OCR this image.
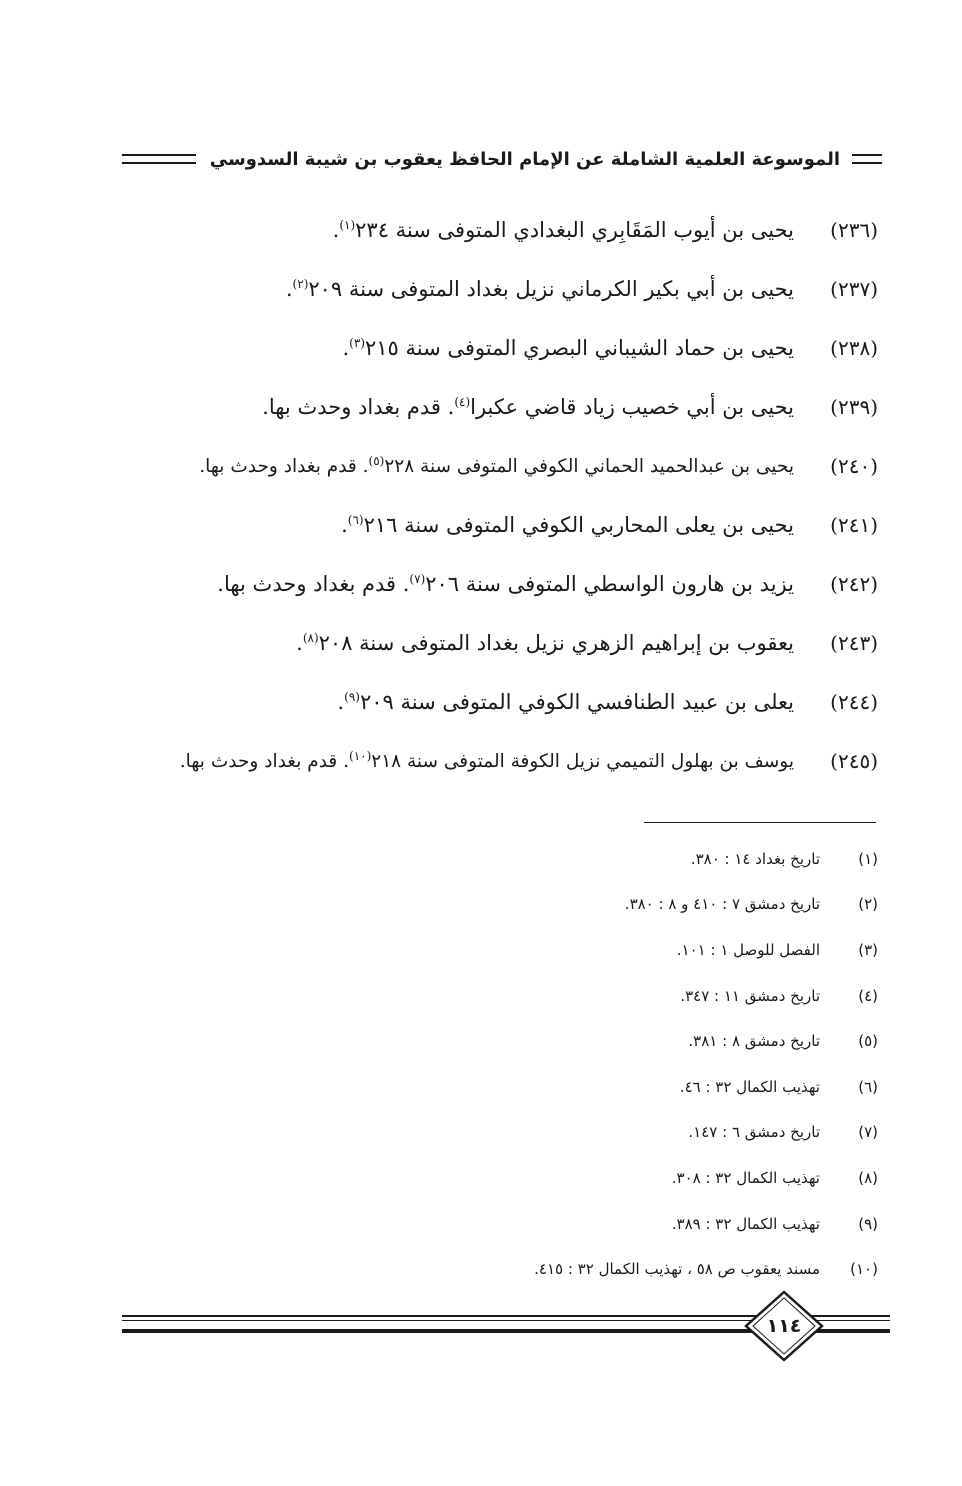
الموسوعة العلمية الشاملة عن الإمام الحافظ يعقوب بن شيبة السدوسي
(٢٣٦)
يحيى بن أيوب المَقَابِري البغدادي المتوفى سنة ٢٣٤$^{(١)}$.
(٢٣٧)
يحيى بن أبي بكير الكرماني نزيل بغداد المتوفى سنة ٢٠٩$^{(٢)}$.
(٢٣٨)
يحيى بن حماد الشيباني البصري المتوفى سنة ٢١٥$^{(٣)}$.
(٢٣٩)
يحيى بن أبي خصيب زياد قاضي عكبرا$^{(٤)}$. قدم بغداد وحدث بها.
(٢٤٠)
يحيى بن عبدالحميد الحماني الكوفي المتوفى سنة ٢٢٨$^{(٥)}$. قدم بغداد وحدث بها.
(٢٤١)
يحيى بن يعلى المحاربي الكوفي المتوفى سنة ٢١٦$^{(٦)}$.
(٢٤٢)
يزيد بن هارون الواسطي المتوفى سنة ٢٠٦$^{(٧)}$. قدم بغداد وحدث بها.
(٢٤٣)
يعقوب بن إبراهيم الزهري نزيل بغداد المتوفى سنة ٢٠٨$^{(٨)}$.
(٢٤٤)
يعلى بن عبيد الطنافسي الكوفي المتوفى سنة ٢٠٩$^{(٩)}$.
(٢٤٥)
يوسف بن بهلول التميمي نزيل الكوفة المتوفى سنة ٢١٨$^{(١٠)}$. قدم بغداد وحدث بها.
(١)
تاريخ بغداد ١٤ : ٣٨٠.
(٢)
تاريخ دمشق ٧ : ٤١٠ و ٨ : ٣٨٠.
(٣)
الفصل للوصل ١ : ١٠١.
(٤)
تاريخ دمشق ١١ : ٣٤٧.
(٥)
تاريخ دمشق ٨ : ٣٨١.
(٦)
تهذيب الكمال ٣٢ : ٤٦.
(٧)
تاريخ دمشق ٦ : ١٤٧.
(٨)
تهذيب الكمال ٣٢ : ٣٠٨.
(٩)
تهذيب الكمال ٣٢ : ٣٨٩.
(١٠)
مسند يعقوب ص ٥٨ ، تهذيب الكمال ٣٢ : ٤١٥.
١١٤
